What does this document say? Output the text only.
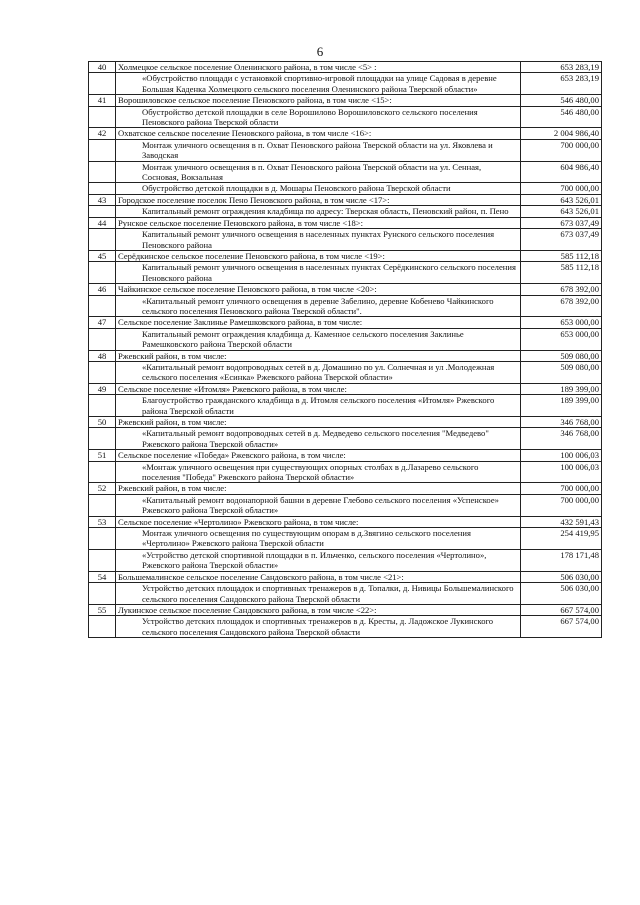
6
40	Холмецкое сельское поселение Оленинского района, в том числе <5> :	653 283,19
	«Обустройство площади с установкой спортивно-игровой площадки на улице Садовая в деревне Большая Каденка Холмецкого сельского поселения Оленинского района Тверской области»	653 283,19
41	Ворошиловское сельское поселение Пеновского района, в том числе <15>:	546 480,00
	Обустройство детской площадки в селе Ворошилово Ворошиловского сельского поселения Пеновского района Тверской области	546 480,00
42	Охватское сельское поселение Пеновского района, в том числе <16>:	2 004 986,40
	Монтаж уличного освещения в п. Охват Пеновского района Тверской области на ул. Яковлева и Заводская	700 000,00
	Монтаж уличного освещения в п. Охват Пеновского района Тверской области на ул. Сенная, Сосновая, Вокзальная	604 986,40
	Обустройство детской площадки в д. Мошары Пеновского района Тверской области	700 000,00
43	Городское поселение поселок Пено Пеновского района, в том числе <17>:	643 526,01
	Капитальный ремонт ограждения кладбища по адресу: Тверская область, Пеновский район, п. Пено	643 526,01
44	Рунское сельское поселение Пеновского района, в том числе <18>:	673 037,49
	Капитальный ремонт уличного освещения в населенных пунктах Рунского сельского поселения Пеновского района	673 037,49
45	Серёдкинское сельское поселение Пеновского района, в том числе <19>:	585 112,18
	Капитальный ремонт уличного освещения в населенных пунктах Серёдкинского сельского поселения Пеновского района	585 112,18
46	Чайкинское сельское поселение Пеновского района, в том числе <20>:	678 392,00
	«Капитальный ремонт уличного освещения в деревне Забелино, деревне Кобенево Чайкинского сельского поселения Пеновского района Тверской области".	678 392,00
47	Сельское поселение Заклинье Рамешковского района, в том числе:	653 000,00
	Капитальный ремонт ограждения кладбища д. Каменное сельского поселения Заклинье Рамешковского района Тверской области	653 000,00
48	Ржевский район, в том числе:	509 080,00
	«Капитальный ремонт водопроводных сетей в д. Домашино по ул. Солнечная и ул .Молодежная сельского поселения «Есинка» Ржевского района Тверской области»	509 080,00
49	Сельское поселение «Итомля» Ржевского района, в том числе:	189 399,00
	Благоустройство гражданского кладбища в д. Итомля сельского поселения «Итомля» Ржевского района Тверской области	189 399,00
50	Ржевский район, в том числе:	346 768,00
	«Капитальный ремонт водопроводных сетей в д. Медведево сельского поселения "Медведево" Ржевского района Тверской области»	346 768,00
51	Сельское поселение «Победа» Ржевского района, в том числе:	100 006,03
	«Монтаж уличного освещения при существующих опорных столбах в д.Лазарево сельского поселения "Победа" Ржевского района Тверской области»	100 006,03
52	Ржевский район, в том числе:	700 000,00
	«Капитальный ремонт водонапорной башни в деревне Глебово сельского поселения «Успенское» Ржевского района Тверской области»	700 000,00
53	Сельское поселение «Чертолино» Ржевского района, в том числе:	432 591,43
	Монтаж уличного освещения по существующим опорам в д.Звягино сельского поселения «Чертолино» Ржевского района Тверской области	254 419,95
	«Устройство детской спортивной площадки в п. Ильченко, сельского поселения «Чертолино», Ржевского района Тверской области»	178 171,48
54	Большемалинское сельское поселение Сандовского района, в том числе <21>:	506 030,00
	Устройство детских площадок и спортивных тренажеров в д. Топалки, д. Нивицы Большемалинского сельского поселения Сандовского района Тверской области	506 030,00
55	Лукинское сельское поселение Сандовского района, в том числе <22>:	667 574,00
	Устройство детских площадок и спортивных тренажеров в д. Кресты, д. Ладожское Лукинского сельского поселения Сандовского района Тверской области	667 574,00
